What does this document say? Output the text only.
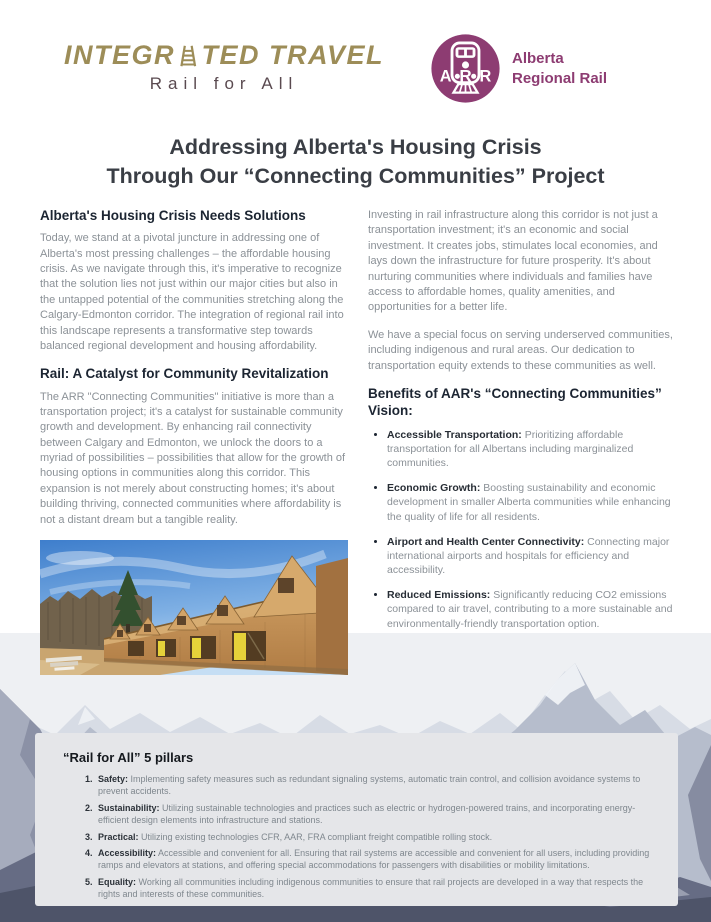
INTEGR TED TRAVEL
Rail for All	A R R
Alberta
Regional Rail
Addressing Alberta's Housing Crisis
Through Our “Connecting Communities” Project
Alberta's Housing Crisis Needs Solutions

Today, we stand at a pivotal juncture in addressing one of Alberta's most pressing challenges – the affordable housing crisis. As we navigate through this, it's imperative to recognize that the solution lies not just within our major cities but also in the untapped potential of the communities stretching along the Calgary-Edmonton corridor. The integration of regional rail into this landscape represents a transformative step towards balanced regional development and housing affordability.

Rail: A Catalyst for Community Revitalization

The ARR "Connecting Communities" initiative is more than a transportation project; it's a catalyst for sustainable community growth and development. By enhancing rail connectivity between Calgary and Edmonton, we unlock the doors to a myriad of possibilities – possibilities that allow for the growth of housing options in communities along this corridor. This expansion is not merely about constructing homes; it's about building thriving, connected communities where affordability is not a distant dream but a tangible reality.

Investing in rail infrastructure along this corridor is not just a transportation investment; it's an economic and social investment. It creates jobs, stimulates local economies, and lays down the infrastructure for future prosperity. It's about nurturing communities where individuals and families have access to affordable homes, quality amenities, and opportunities for a better life.

We have a special focus on serving underserved communities, including indigenous and rural areas. Our dedication to transportation equity extends to these communities as well.

Benefits of AAR's “Connecting Communities” Vision:
• Accessible Transportation: Prioritizing affordable transportation for all Albertans including marginalized communities.
• Economic Growth: Boosting sustainability and economic development in smaller Alberta communities while enhancing the quality of life for all residents.
• Airport and Health Center Connectivity: Connecting major international airports and hospitals for efficiency and accessibility.
• Reduced Emissions: Significantly reducing CO2 emissions compared to air travel, contributing to a more sustainable and environmentally-friendly transportation option.
“Rail for All” 5 pillars
1. Safety: Implementing safety measures such as redundant signaling systems, automatic train control, and collision avoidance systems to prevent accidents.
2. Sustainability: Utilizing sustainable technologies and practices such as electric or hydrogen-powered trains, and incorporating energy-efficient design elements into infrastructure and stations.
3. Practical: Utilizing existing technologies CFR, AAR, FRA compliant freight compatible rolling stock.
4. Accessibility: Accessible and convenient for all. Ensuring that rail systems are accessible and convenient for all users, including providing ramps and elevators at stations, and offering special accommodations for passengers with disabilities or mobility limitations.
5. Equality: Working all communities including indigenous communities to ensure that rail projects are developed in a way that respects the rights and interests of these communities.
